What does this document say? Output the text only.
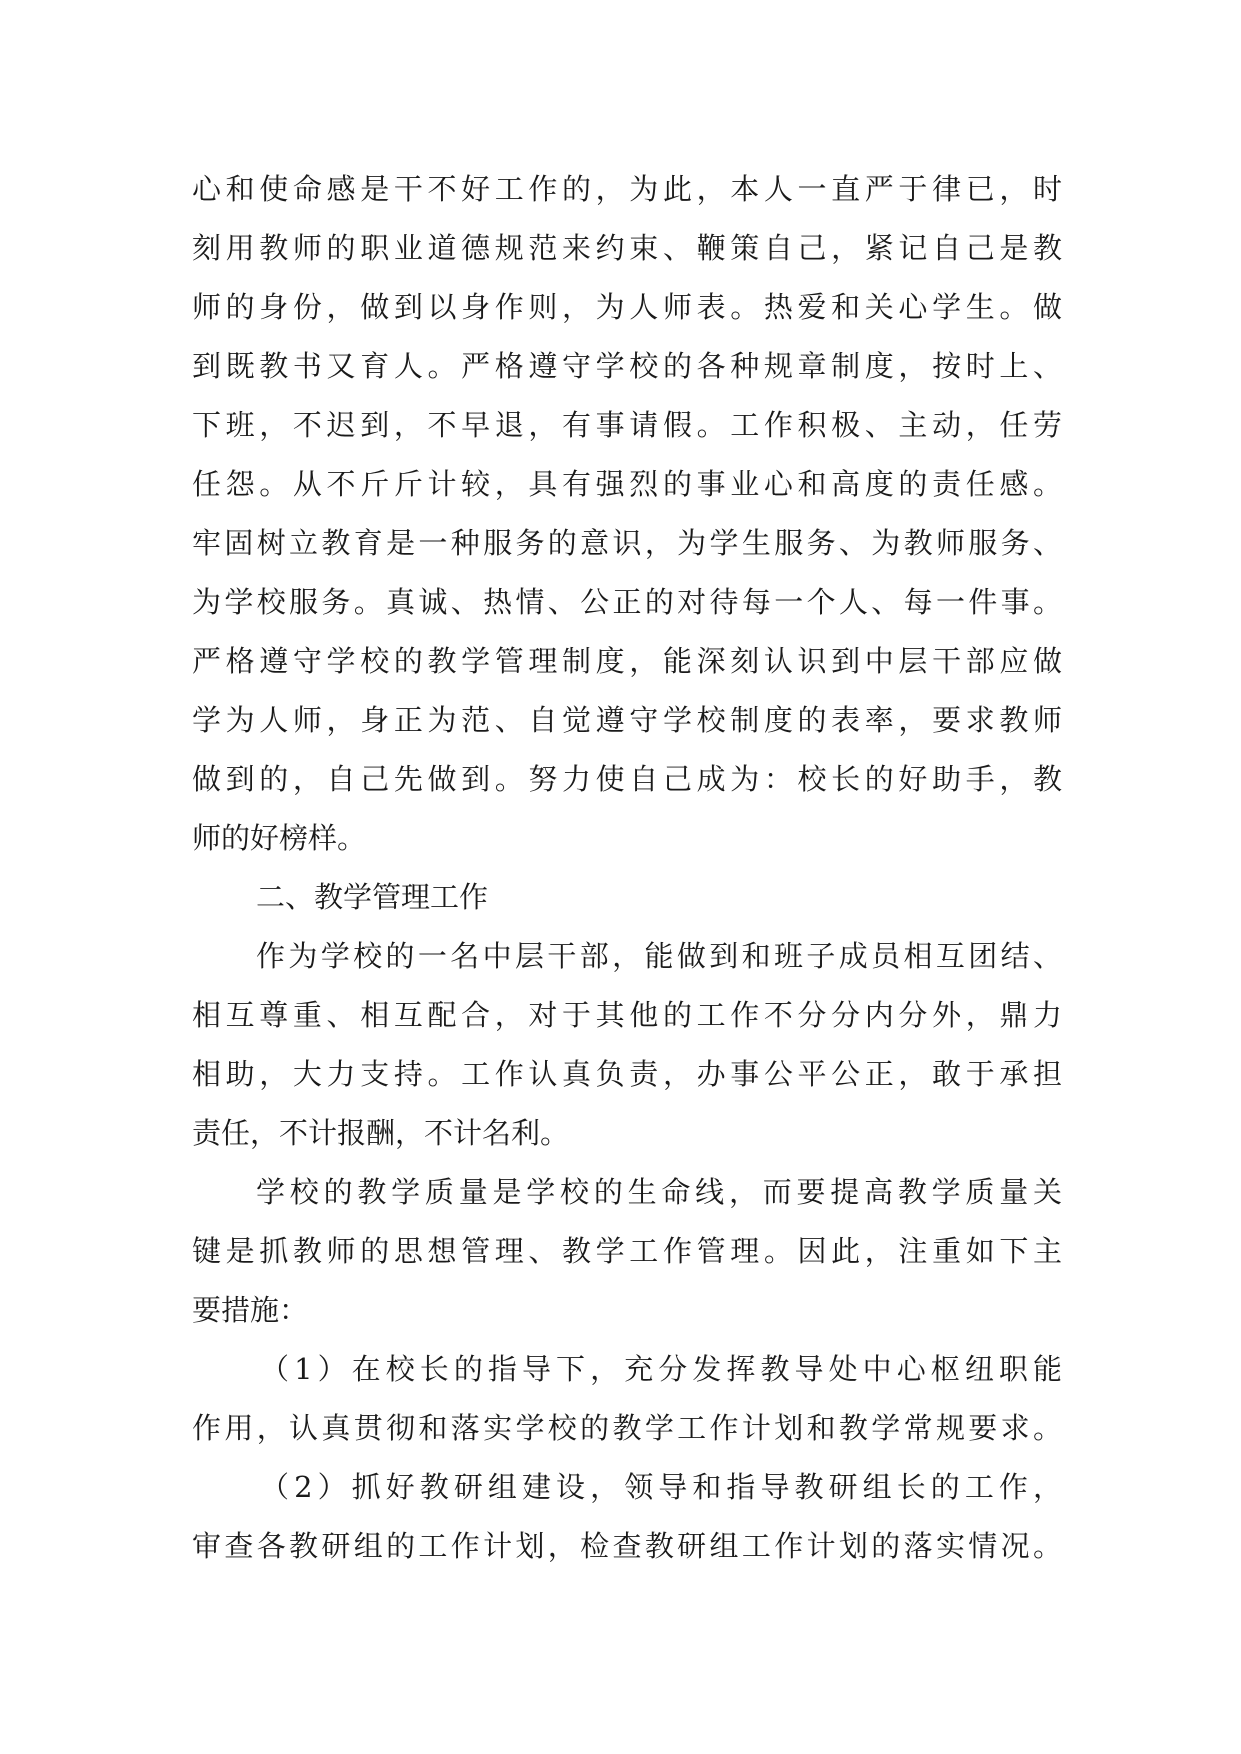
心和使命感是干不好工作的，为此，本人一直严于律已，时
刻用教师的职业道德规范来约束、鞭策自己，紧记自己是教
师的身份，做到以身作则，为人师表。热爱和关心学生。做
到既教书又育人。严格遵守学校的各种规章制度，按时上、
下班，不迟到，不早退，有事请假。工作积极、主动，任劳
任怨。从不斤斤计较，具有强烈的事业心和高度的责任感。
牢固树立教育是一种服务的意识，为学生服务、为教师服务、
为学校服务。真诚、热情、公正的对待每一个人、每一件事。
严格遵守学校的教学管理制度，能深刻认识到中层干部应做
学为人师，身正为范、自觉遵守学校制度的表率，要求教师
做到的，自己先做到。努力使自己成为：校长的好助手，教
师的好榜样。
二、教学管理工作
作为学校的一名中层干部，能做到和班子成员相互团结、
相互尊重、相互配合，对于其他的工作不分分内分外，鼎力
相助，大力支持。工作认真负责，办事公平公正，敢于承担
责任，不计报酬，不计名利。
学校的教学质量是学校的生命线，而要提高教学质量关
键是抓教师的思想管理、教学工作管理。因此，注重如下主
要措施：
（1）在校长的指导下，充分发挥教导处中心枢纽职能
作用，认真贯彻和落实学校的教学工作计划和教学常规要求。
（2）抓好教研组建设，领导和指导教研组长的工作，
审查各教研组的工作计划，检查教研组工作计划的落实情况。
